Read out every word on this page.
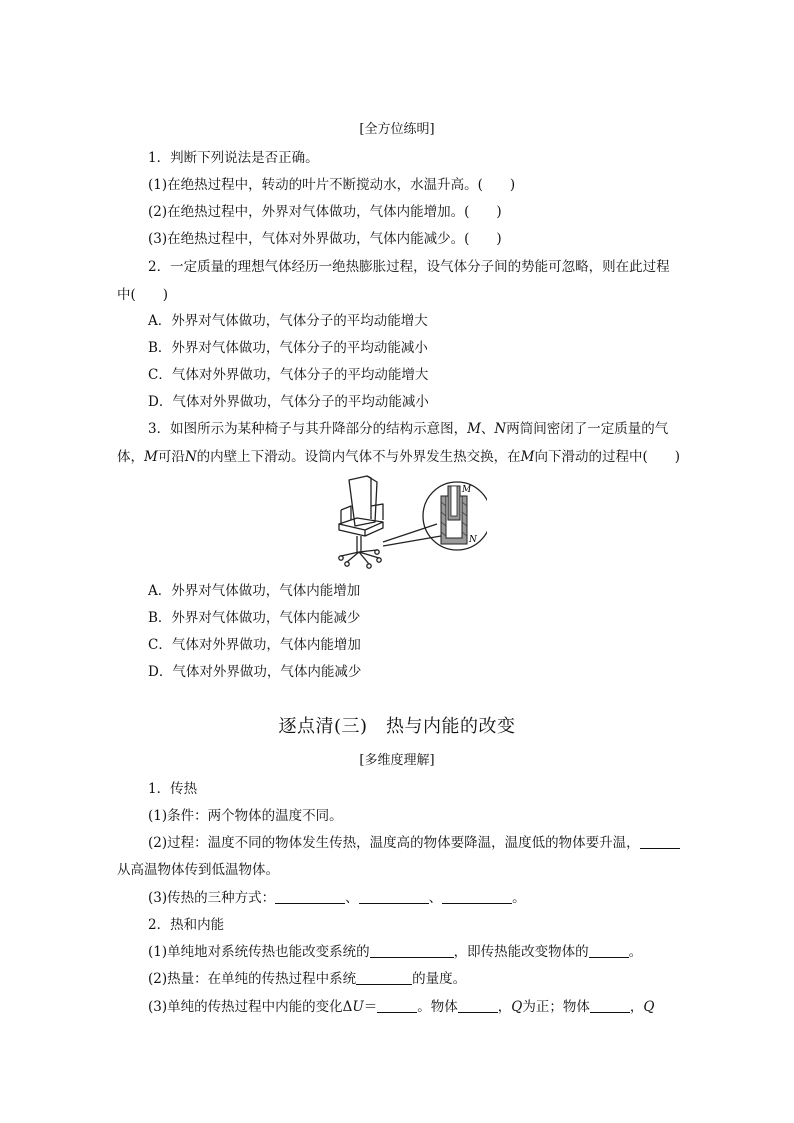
[全方位练明]
1．判断下列说法是否正确。
(1)在绝热过程中，转动的叶片不断搅动水，水温升高。(　　)
(2)在绝热过程中，外界对气体做功，气体内能增加。(　　)
(3)在绝热过程中，气体对外界做功，气体内能减少。(　　)
2．一定质量的理想气体经历一绝热膨胀过程，设气体分子间的势能可忽略，则在此过程
中(　　)
A．外界对气体做功，气体分子的平均动能增大
B．外界对气体做功，气体分子的平均动能减小
C．气体对外界做功，气体分子的平均动能增大
D．气体对外界做功，气体分子的平均动能减小
3．如图所示为某种椅子与其升降部分的结构示意图，M、N两筒间密闭了一定质量的气
体，M可沿N的内壁上下滑动。设筒内气体不与外界发生热交换，在M向下滑动的过程中(　　)
M
N
A．外界对气体做功，气体内能增加
B．外界对气体做功，气体内能减少
C．气体对外界做功，气体内能增加
D．气体对外界做功，气体内能减少
逐点清(三)　热与内能的改变
[多维度理解]
1．传热
(1)条件：两个物体的温度不同。
(2)过程：温度不同的物体发生传热，温度高的物体要降温，温度低的物体要升温，
从高温物体传到低温物体。
(3)传热的三种方式：	、	、	。
2．热和内能
(1)单纯地对系统传热也能改变系统的	，即传热能改变物体的	。
(2)热量：在单纯的传热过程中系统	的量度。
(3)单纯的传热过程中内能的变化ΔU＝	。物体	，Q为正；物体	，Q
